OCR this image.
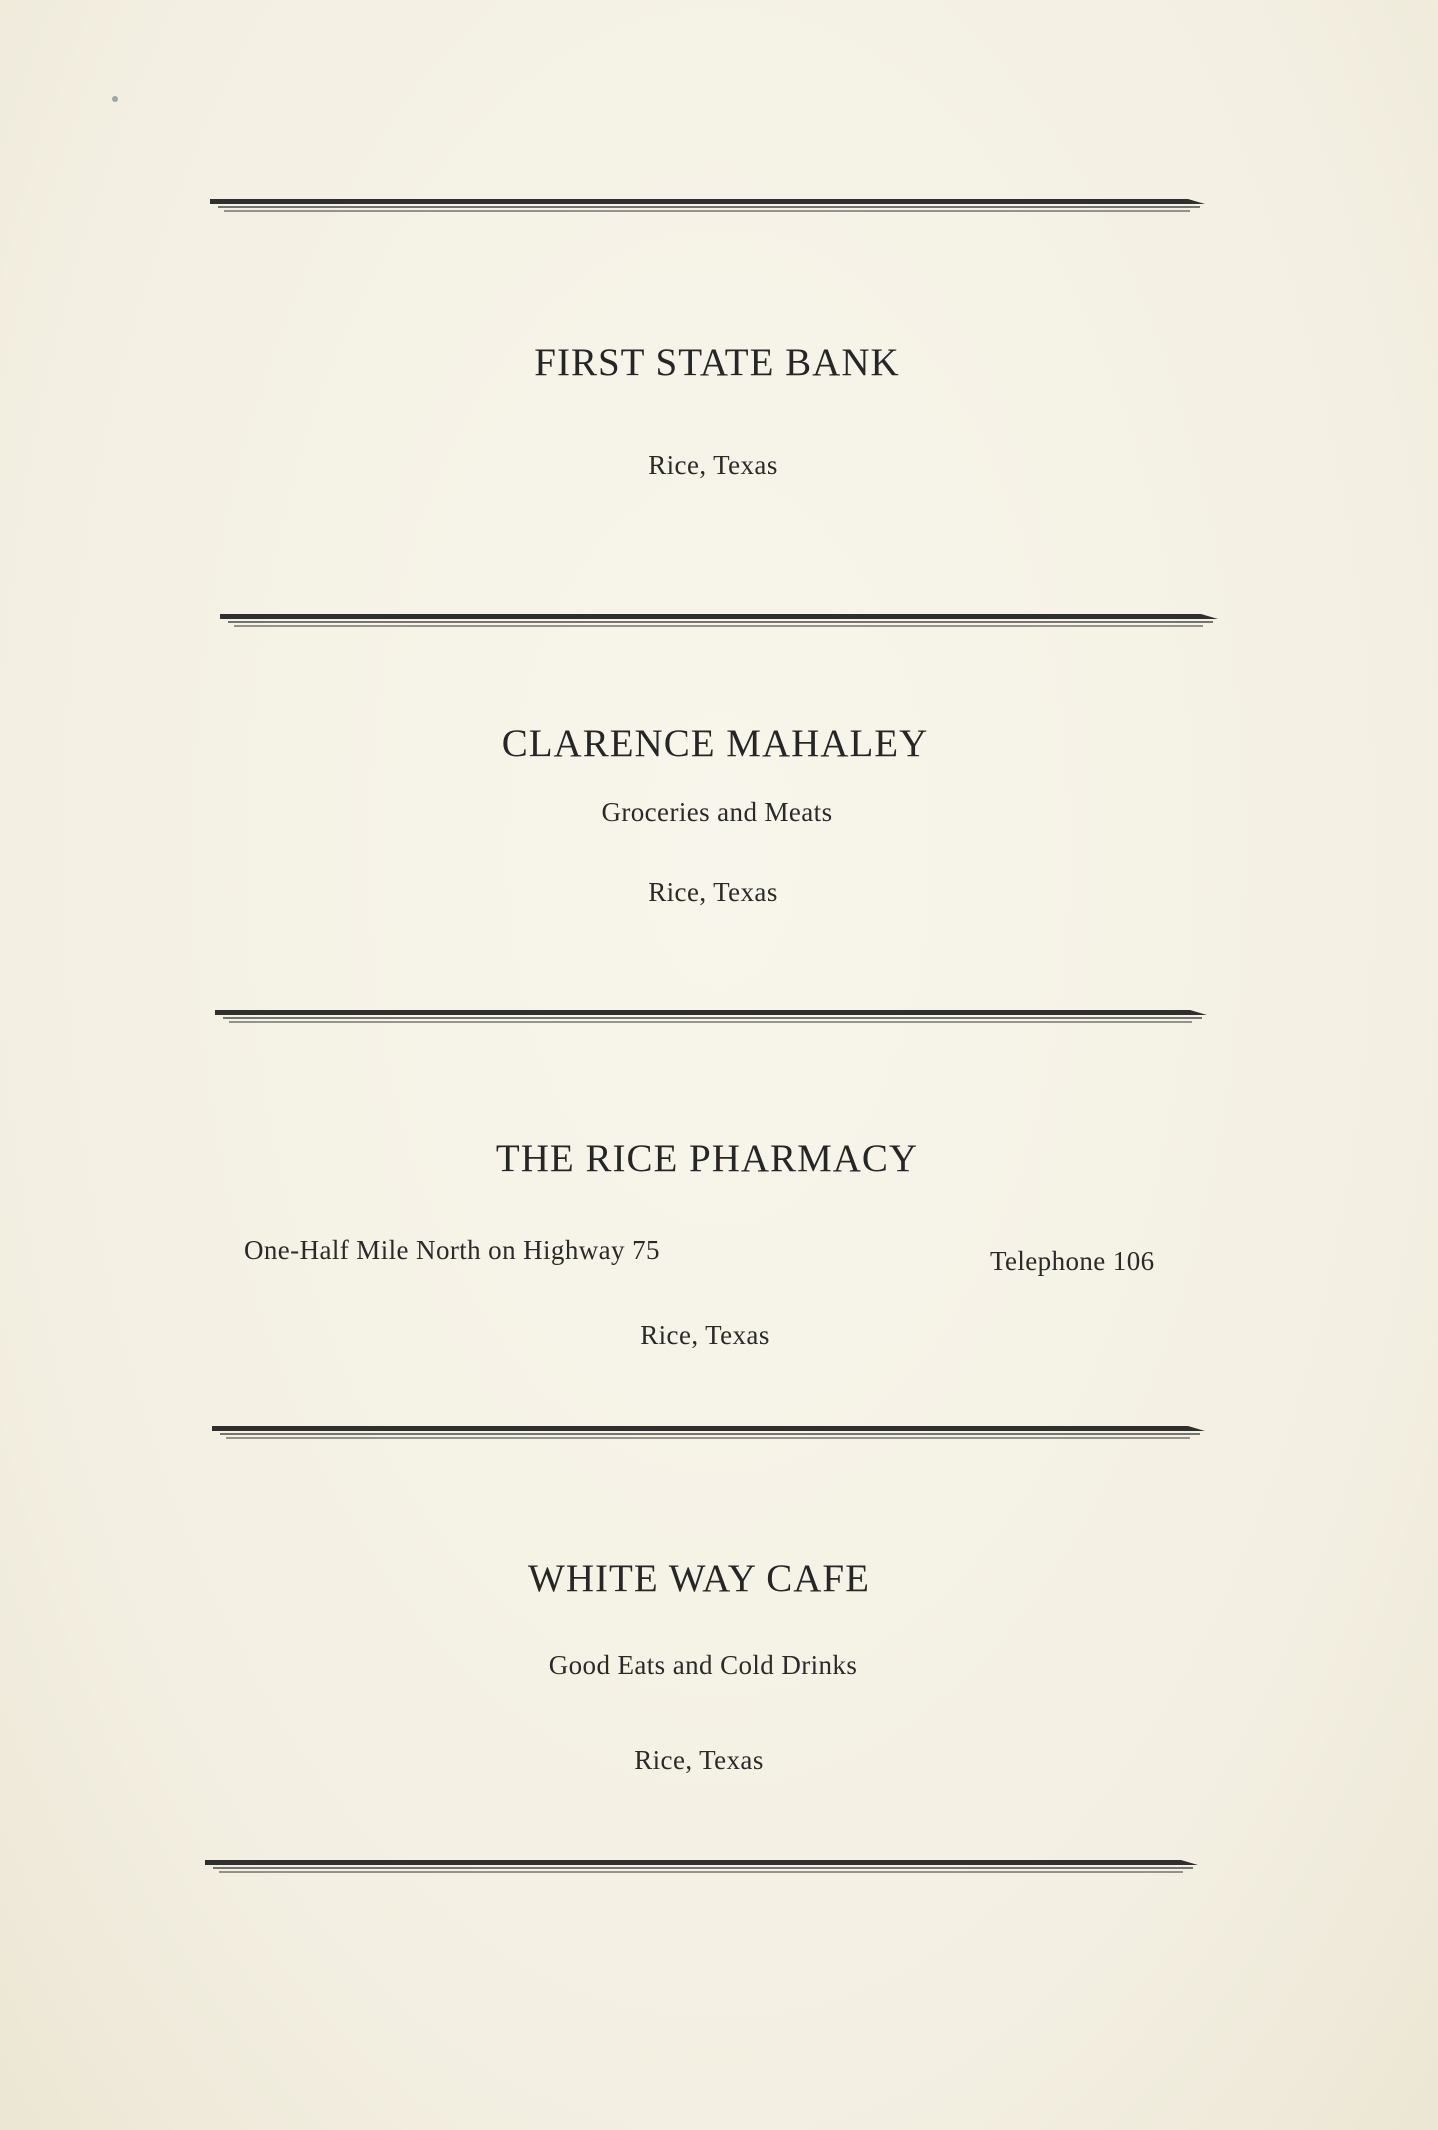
FIRST STATE BANK
Rice, Texas
CLARENCE MAHALEY
Groceries and Meats
Rice, Texas
THE RICE PHARMACY
One-Half Mile North on Highway 75	Telephone 106
Rice, Texas
WHITE WAY CAFE
Good Eats and Cold Drinks
Rice, Texas
